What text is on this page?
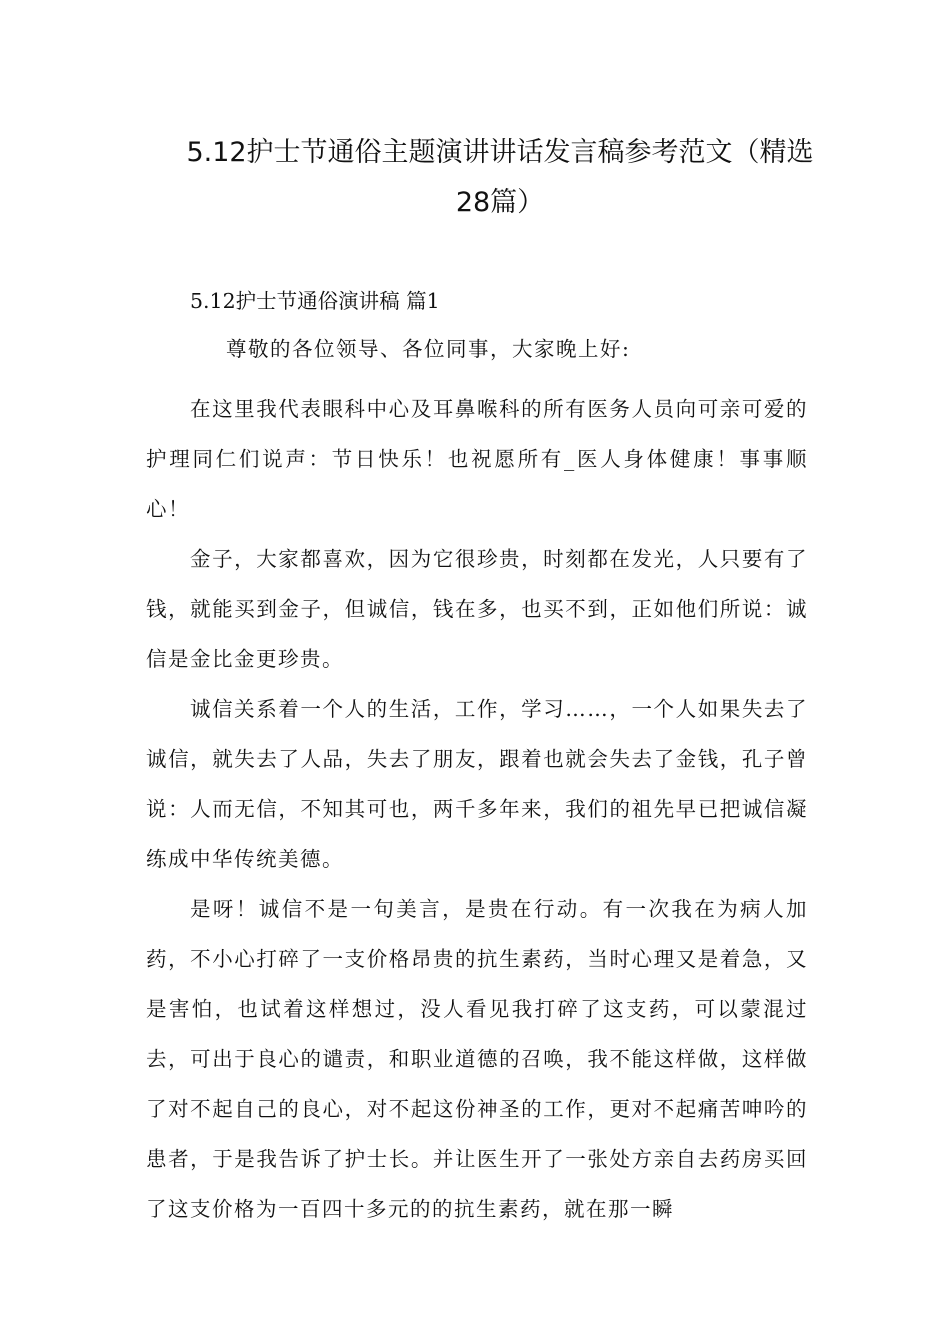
5.12护士节通俗主题演讲讲话发言稿参考范文（精选28篇）

5.12护士节通俗演讲稿 篇1

尊敬的各位领导、各位同事，大家晚上好:

在这里我代表眼科中心及耳鼻喉科的所有医务人员向可亲可爱的护理同仁们说声：节日快乐！也祝愿所有_医人身体健康！事事顺心！

金子，大家都喜欢，因为它很珍贵，时刻都在发光，人只要有了钱，就能买到金子，但诚信，钱在多，也买不到，正如他们所说：诚信是金比金更珍贵。

诚信关系着一个人的生活，工作，学习……，一个人如果失去了诚信，就失去了人品，失去了朋友，跟着也就会失去了金钱，孔子曾说：人而无信，不知其可也，两千多年来，我们的祖先早已把诚信凝练成中华传统美德。

是呀！诚信不是一句美言，是贵在行动。有一次我在为病人加药，不小心打碎了一支价格昂贵的抗生素药，当时心理又是着急，又是害怕，也试着这样想过，没人看见我打碎了这支药，可以蒙混过去，可出于良心的谴责，和职业道德的召唤，我不能这样做，这样做了对不起自己的良心，对不起这份神圣的工作，更对不起痛苦呻吟的患者，于是我告诉了护士长。并让医生开了一张处方亲自去药房买回了这支价格为一百四十多元的的抗生素药，就在那一瞬
